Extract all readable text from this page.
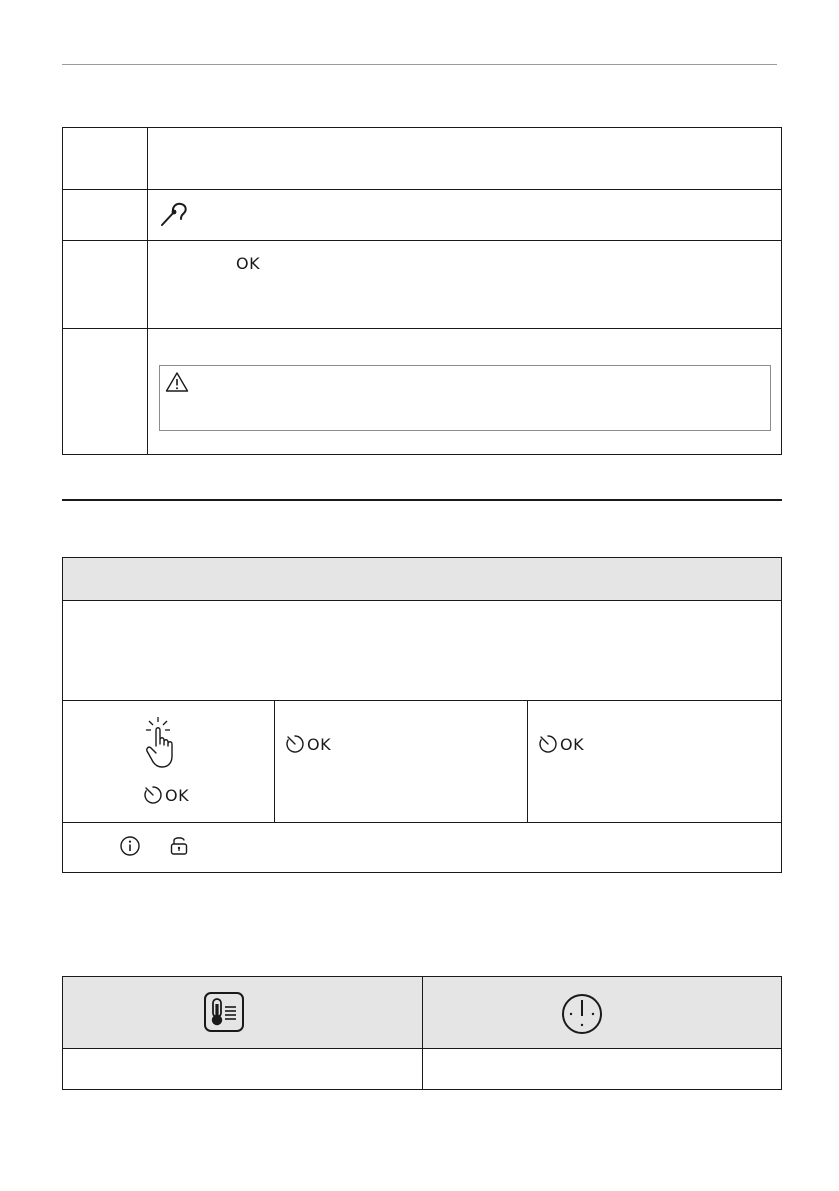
OK
OK
OK	OK
